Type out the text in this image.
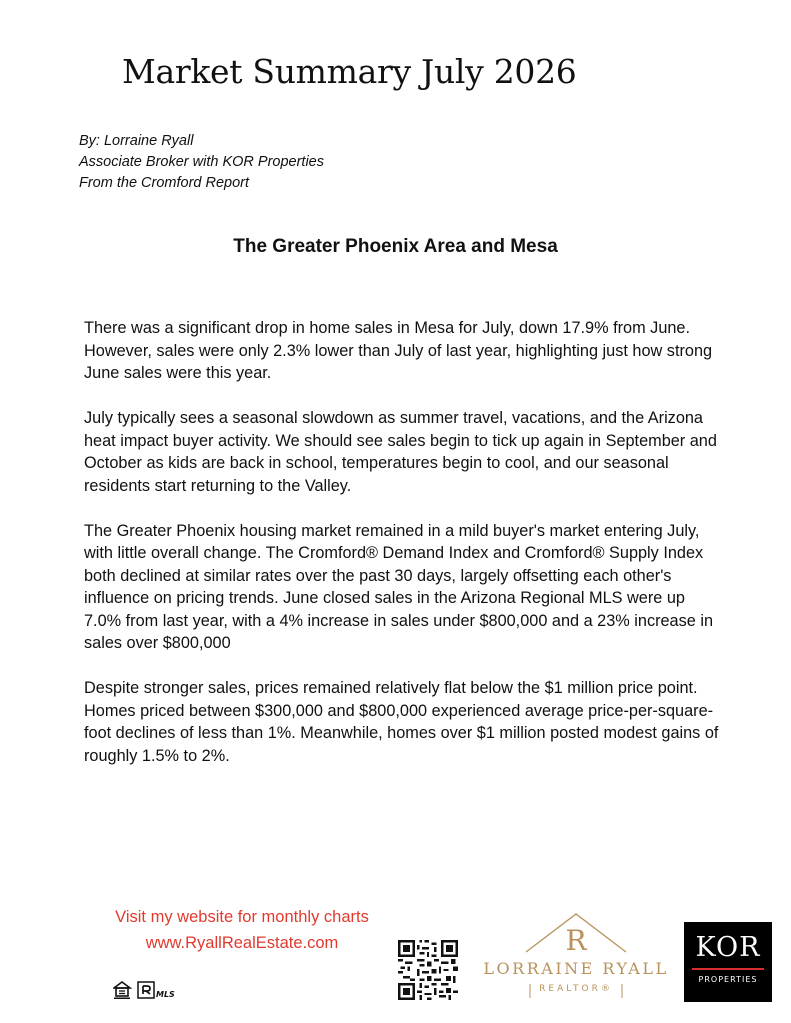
Market Summary July 2026
By: Lorraine Ryall
Associate Broker with KOR Properties
From the Cromford Report
The Greater Phoenix Area and Mesa

There was a significant drop in home sales in Mesa for July, down 17.9% from June. However, sales were only 2.3% lower than July of last year, highlighting just how strong June sales were this year.

July typically sees a seasonal slowdown as summer travel, vacations, and the Arizona heat impact buyer activity. We should see sales begin to tick up again in September and October as kids are back in school, temperatures begin to cool, and our seasonal residents start returning to the Valley.

The Greater Phoenix housing market remained in a mild buyer's market entering July, with little overall change. The Cromford® Demand Index and Cromford® Supply Index both declined at similar rates over the past 30 days, largely offsetting each other's influence on pricing trends. June closed sales in the Arizona Regional MLS were up 7.0% from last year, with a 4% increase in sales under $800,000 and a 23% increase in sales over $800,000

Despite stronger sales, prices remained relatively flat below the $1 million price point. Homes priced between $300,000 and $800,000 experienced average price-per-square-foot declines of less than 1%. Meanwhile, homes over $1 million posted modest gains of roughly 1.5% to 2%.

Visit my website for monthly charts
www.RyallRealEstate.com
MLS
R
LORRAINE RYALL
REALTOR®
KOR
PROPERTIES
